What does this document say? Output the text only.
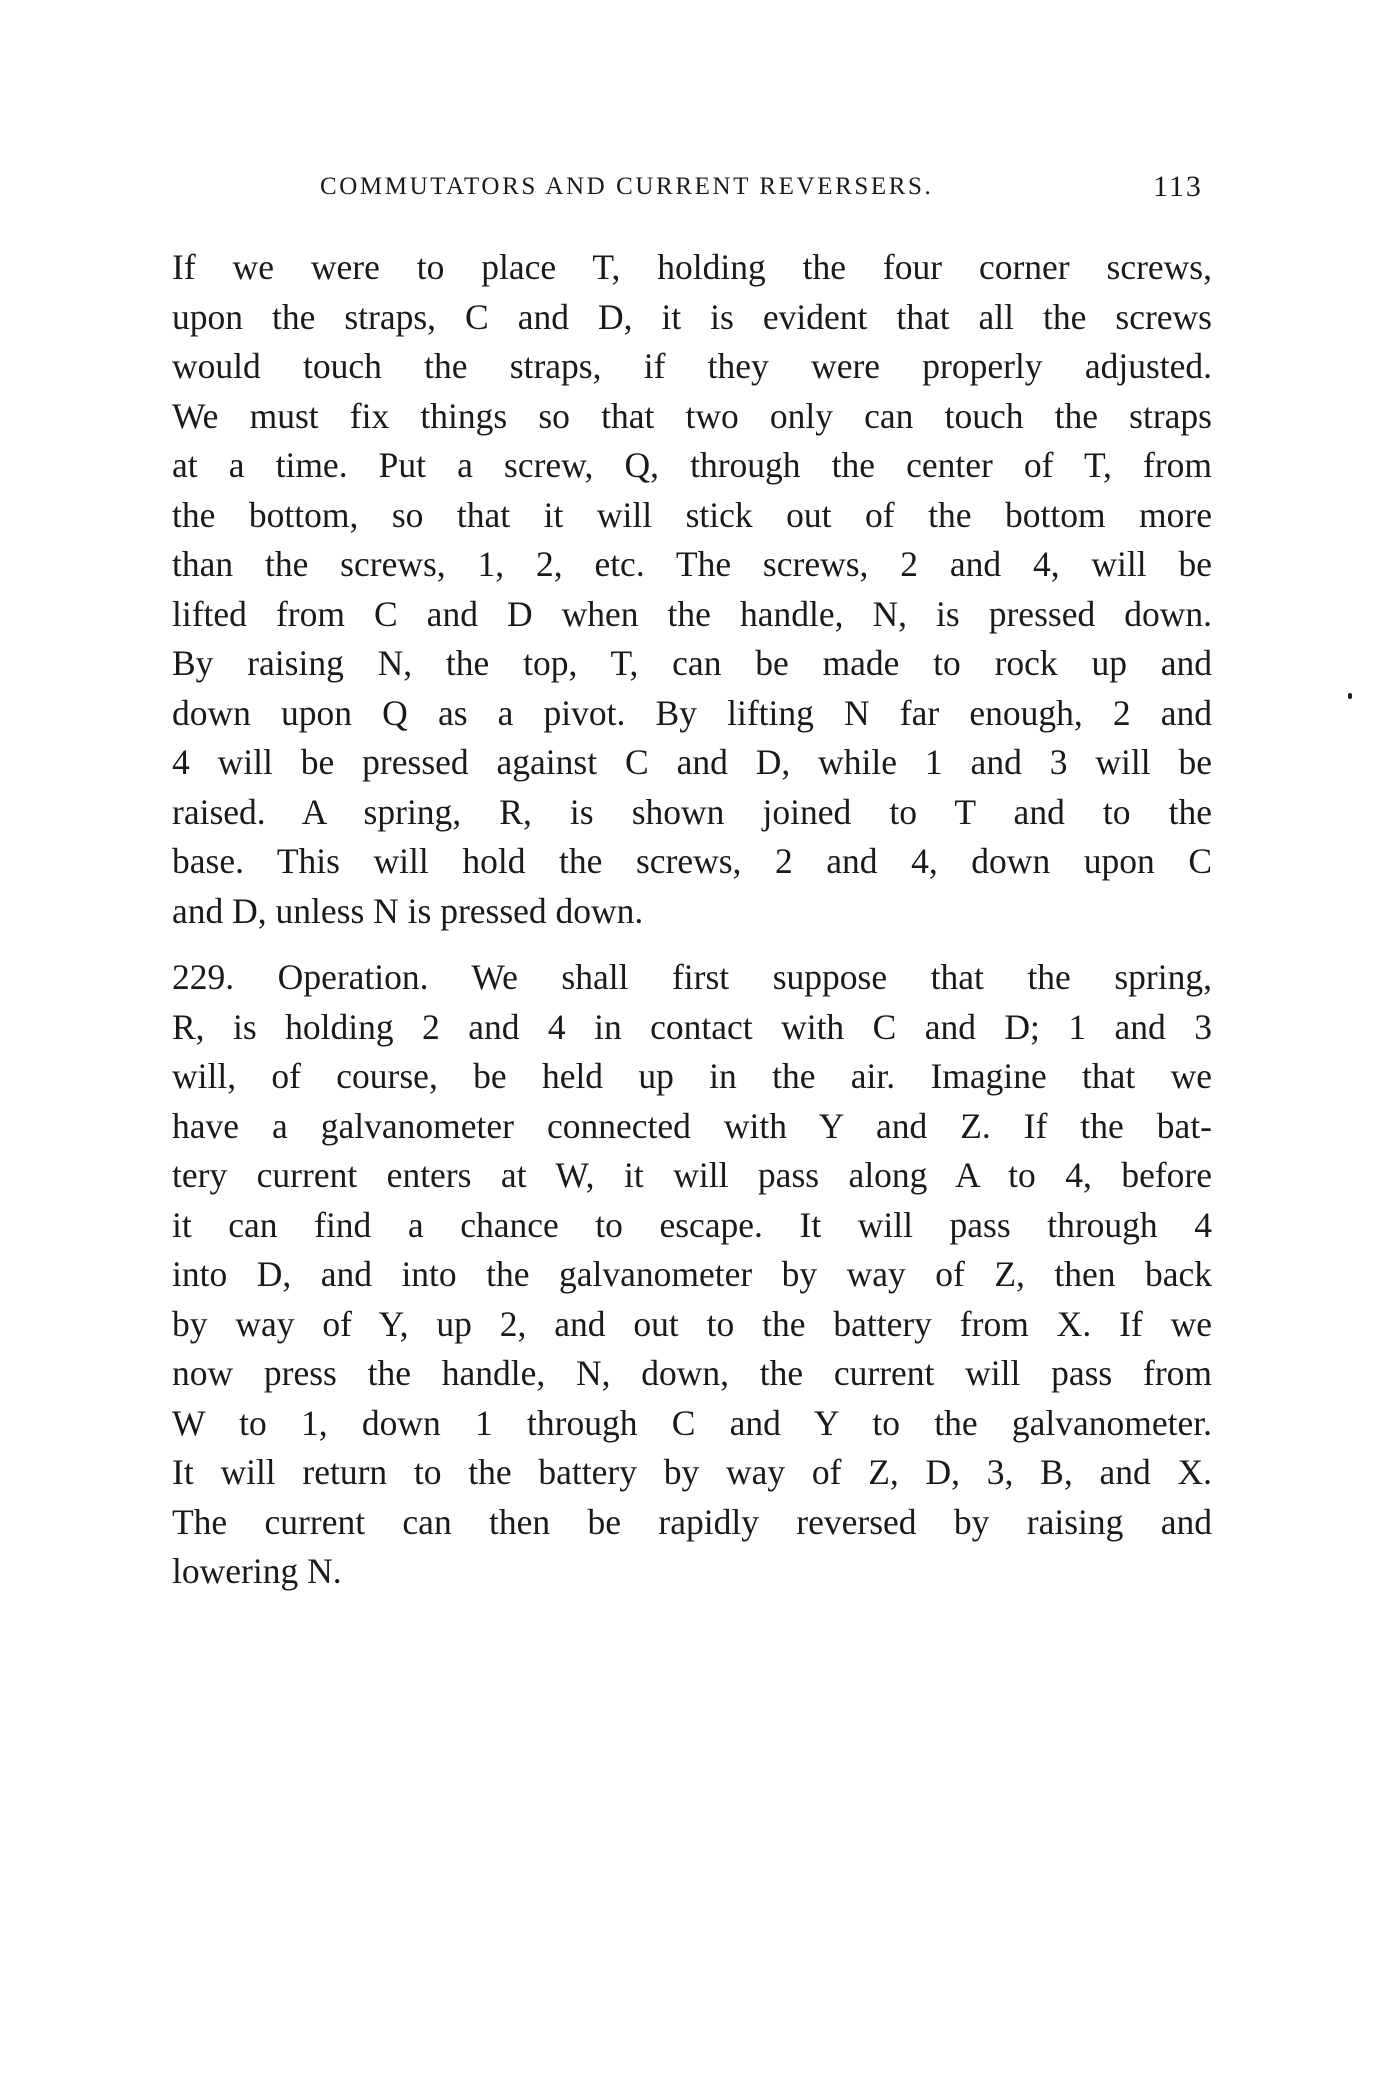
COMMUTATORS AND CURRENT REVERSERS.	113
If we were to place T, holding the four corner screws,
upon the straps, C and D, it is evident that all the screws
would touch the straps, if they were properly adjusted.
We must fix things so that two only can touch the straps
at a time. Put a screw, Q, through the center of T, from
the bottom, so that it will stick out of the bottom more
than the screws, 1, 2, etc. The screws, 2 and 4, will be
lifted from C and D when the handle, N, is pressed down.
By raising N, the top, T, can be made to rock up and
down upon Q as a pivot. By lifting N far enough, 2 and
4 will be pressed against C and D, while 1 and 3 will be
raised. A spring, R, is shown joined to T and to the
base. This will hold the screws, 2 and 4, down upon C
and D, unless N is pressed down.
229. Operation. We shall first suppose that the spring,
R, is holding 2 and 4 in contact with C and D; 1 and 3
will, of course, be held up in the air. Imagine that we
have a galvanometer connected with Y and Z. If the bat-
tery current enters at W, it will pass along A to 4, before
it can find a chance to escape. It will pass through 4
into D, and into the galvanometer by way of Z, then back
by way of Y, up 2, and out to the battery from X. If we
now press the handle, N, down, the current will pass from
W to 1, down 1 through C and Y to the galvanometer.
It will return to the battery by way of Z, D, 3, B, and X.
The current can then be rapidly reversed by raising and
lowering N.
